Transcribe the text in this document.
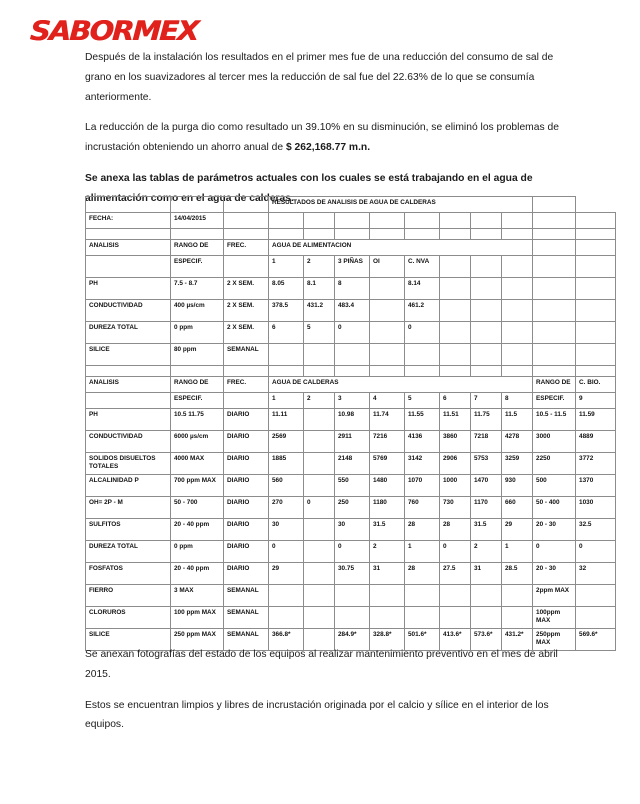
SABORMEX

Después de la instalación los resultados en el primer mes fue de una reducción del consumo de sal de grano en los suavizadores al tercer mes la reducción de sal fue del 22.63% de lo que se consumía anteriormente.

La reducción de la purga dio como resultado un 39.10% en su disminución, se eliminó los problemas de incrustación obteniendo un ahorro anual de $ 262,168.77 m.n.

Se anexa las tablas de parámetros actuales con los cuales se está trabajando en el agua de alimentación como en el agua de calderas.

			RESULTADOS DE ANALISIS DE AGUA DE CALDERAS									
FECHA:	14/04/2015											

ANALISIS	RANGO DE	FREC.	AGUA DE ALIMENTACION									
	ESPECIF.		1	2	3 PIÑAS	OI	C. NVA					
PH	7.5 - 8.7	2 X SEM.	8.05	8.1	8		8.14					
CONDUCTIVIDAD	400 µs/cm	2 X SEM.	378.5	431.2	483.4		461.2					
DUREZA TOTAL	0 ppm	2 X SEM.	6	5	0		0					
SILICE	80 ppm	SEMANAL										

ANALISIS	RANGO DE	FREC.	AGUA DE CALDERAS								RANGO DE	C. BIO.
	ESPECIF.		1	2	3	4	5	6	7	8	ESPECIF.	9
PH	10.5 11.75	DIARIO	11.11		10.98	11.74	11.55	11.51	11.75	11.5	10.5 - 11.5	11.59
CONDUCTIVIDAD	6000 µs/cm	DIARIO	2569		2911	7216	4136	3860	7218	4278	3000	4889
SOLIDOS DISUELTOS TOTALES	4000 MAX	DIARIO	1885		2148	5769	3142	2906	5753	3259	2250	3772
ALCALINIDAD P	700 ppm MAX	DIARIO	560		550	1480	1070	1000	1470	930	500	1370
OH= 2P - M	50 - 700	DIARIO	270	0	250	1180	760	730	1170	660	50 - 400	1030
SULFITOS	20 - 40 ppm	DIARIO	30		30	31.5	28	28	31.5	29	20 - 30	32.5
DUREZA TOTAL	0 ppm	DIARIO	0		0	2	1	0	2	1	0	0
FOSFATOS	20 - 40 ppm	DIARIO	29		30.75	31	28	27.5	31	28.5	20 - 30	32
FIERRO	3 MAX	SEMANAL									2ppm MAX	
CLORUROS	100 ppm MAX	SEMANAL									100ppm MAX	
SILICE	250 ppm MAX	SEMANAL	366.8*		284.9*	328.8*	501.6*	413.6*	573.6*	431.2*	250ppm MAX	569.6*

Se anexan fotografías del estado de los equipos al realizar mantenimiento preventivo en el mes de abril 2015.

Estos se encuentran limpios y libres de incrustación originada por el calcio y sílice en el interior de los equipos.
